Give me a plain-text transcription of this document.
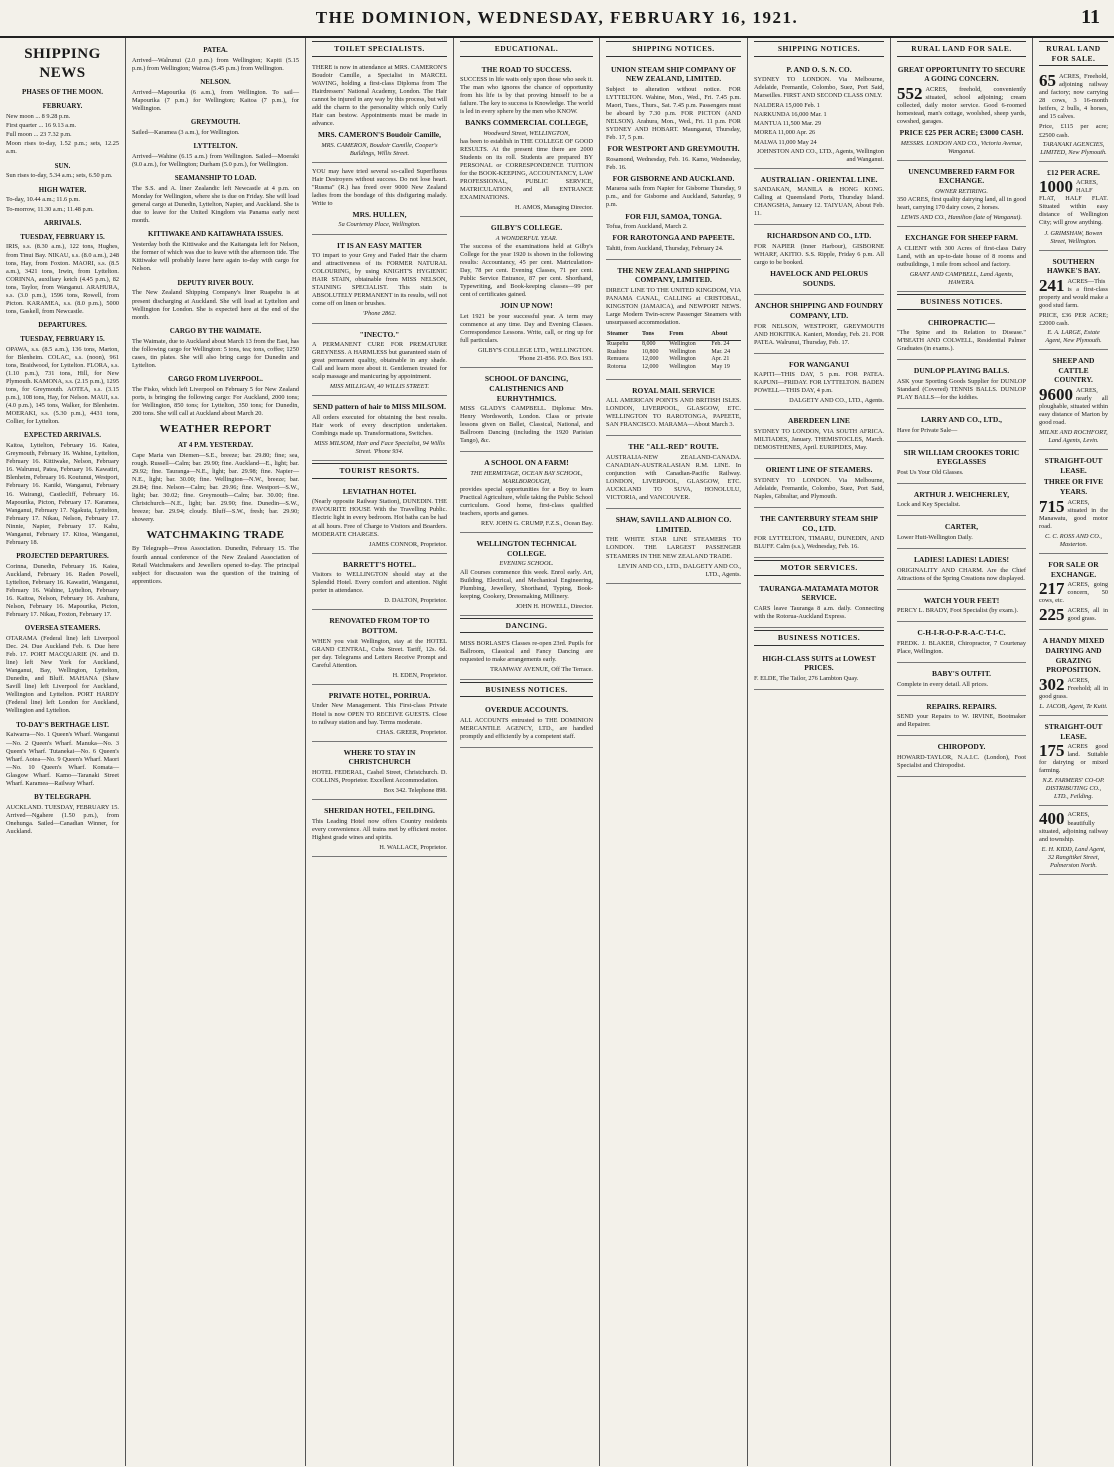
THE DOMINION, WEDNESDAY, FEBRUARY 16, 1921.	11
SHIPPING NEWS
PHASES OF THE MOON.
FEBRUARY.
New moon ... 8 9.28 p.m.
First quarter ... 16 9.13 a.m.
Full moon ... 23 7.32 p.m.
Moon rises to-day, 1.52 p.m.; sets, 12.25 a.m.
SUN.
Sun rises to-day, 5.34 a.m.; sets, 6.50 p.m.
HIGH WATER.
To-day, 10.44 a.m.; 11.6 p.m.
To-morrow, 11.30 a.m.; 11.48 p.m.
ARRIVALS.
TUESDAY, FEBRUARY 15.

IRIS, s.s. (8.30 a.m.), 122 tons, Hughes, from Tinui Bay. NIKAU, s.s. (8.0 a.m.), 248 tons, Hay, from Foxton. MAORI, s.s. (8.5 a.m.), 3421 tons, Irwin, from Lyttelton. CORINNA, auxiliary ketch (4.45 p.m.), 82 tons, Taylor, from Wanganui. ARAHURA, s.s. (3.0 p.m.), 1596 tons, Rowell, from Picton. KARAMEA, s.s. (8.0 p.m.), 5000 tons, Gaskell, from Newcastle.

DEPARTURES.
TUESDAY, FEBRUARY 15.

OPAWA, s.s. (8.5 a.m.), 136 tons, Marton, for Blenheim. COLAC, s.s. (noon), 961 tons, Braidwood, for Lyttelton. FLORA, s.s. (1.10 p.m.), 731 tons, Hill, for New Plymouth. KAMONA, s.s. (2.15 p.m.), 1295 tons, for Greymouth. AOTEA, s.s. (3.15 p.m.), 108 tons, Hay, for Nelson. MAUI, s.s. (4.0 p.m.), 145 tons, Walker, for Blenheim. MOERAKI, s.s. (5.30 p.m.), 4431 tons, Collier, for Lyttelton.

EXPECTED ARRIVALS.

Kaitoa, Lyttelton, February 16. Kaiea, Greymouth, February 16. Wahine, Lyttelton, February 16. Kittiwake, Nelson, February 16. Walrunui, Patea, February 16. Kawatiri, Blenheim, February 16. Koutunui, Westport, February 16. Kaniki, Wanganui, February 16. Wairangi, Castlecliff, February 16. Mapourika, Picton, February 17. Karamea, Wanganui, February 17. Ngakuta, Lyttelton, February 17. Nikau, Nelson, February 17. Ninnie, Napier, February 17. Kahu, Wanganui, February 17. Kitoa, Wanganui, February 18.

PROJECTED DEPARTURES.

Corinna, Dunedin, February 16. Kaiea, Auckland, February 16. Raden Powell, Lyttelton, February 16. Kawatiri, Wanganui, February 16. Wahine, Lyttelton, February 16. Kaitoa, Nelson, February 16. Arahura, Nelson, February 16. Mapourika, Picton, February 17. Nikau, Foxton, February 17.

OVERSEA STEAMERS.

OTARAMA (Federal line) left Liverpool Dec. 24. Due Auckland Feb. 6. Due here Feb. 17. PORT MACQUARIE (N. and D. line) left New York for Auckland, Wanganui, Bay, Wellington, Lyttelton, Dunedin, and Bluff. MAHANA (Shaw Savill line) left Liverpool for Auckland, Wellington and Lyttelton. PORT HARDY (Federal line) left London for Auckland, Wellington and Lyttelton.

TO-DAY'S BERTHAGE LIST.

Kaiwarra—No. 1 Queen's Wharf. Wanganui—No. 2 Queen's Wharf. Manuka—No. 3 Queen's Wharf. Tutanekai—No. 6 Queen's Wharf. Aotea—No. 9 Queen's Wharf. Maori—No. 10 Queen's Wharf. Komata—Glasgow Wharf. Kamo—Taranaki Street Wharf. Karamea—Railway Wharf.

BY TELEGRAPH.

AUCKLAND. TUESDAY, FEBRUARY 15. Arrived—Ngahere (1.50 p.m.), from Onehunga. Sailed—Canadian Winner, for Auckland.

PATEA.

Arrived—Walrunui (2.0 p.m.) from Wellington; Kapiti (5.15 p.m.) from Wellington; Wairoa (5.45 p.m.) from Wellington.

NELSON.

Arrived—Mapourika (6 a.m.), from Wellington. To sail—Mapourika (7 p.m.) for Wellington; Kaitoa (7 p.m.), for Wellington.

GREYMOUTH.

Sailed—Karamea (3 a.m.), for Wellington.

LYTTELTON.

Arrived—Wahine (6.15 a.m.) from Wellington. Sailed—Moeraki (9.0 a.m.), for Wellington; Durham (5.0 p.m.), for Wellington.

SEAMANSHIP TO LOAD.

The S.S. and A. liner Zealandic left Newcastle at 4 p.m. on Monday for Wellington, where she is due on Friday. She will load general cargo at Dunedin, Lyttelton, Napier, and Auckland. She is due to leave for the United Kingdom via Panama early next month.

KITTIWAKE AND KAITAWHATA ISSUES.

Yesterday both the Kittiwake and the Kaitangata left for Nelson, the former of which was due to leave with the afternoon tide. The Kittiwake will probably leave here again to-day with cargo for Nelson.

DEPUTY RIVER BOUY.

The New Zealand Shipping Company's liner Ruapehu is at present discharging at Auckland. She will load at Lyttelton and Wellington for London. She is expected here at the end of the month.

CARGO BY THE WAIMATE.

The Waimate, due to Auckland about March 13 from the East, has the following cargo for Wellington: 5 tons, tea; tons, coffee; 1250 cases, tin plates. She will also bring cargo for Dunedin and Lyttelton.

CARGO FROM LIVERPOOL.

The Fisko, which left Liverpool on February 5 for New Zealand ports, is bringing the following cargo: For Auckland, 2000 tons; for Wellington, 850 tons; for Lyttelton, 350 tons; for Dunedin, 200 tons. She will call at Auckland about March 20.

WEATHER REPORT
AT 4 P.M. YESTERDAY.

Cape Maria van Diemen—S.E., breeze; bar. 29.80; fine; sea, rough. Russell—Calm; bar. 29.90; fine. Auckland—E., light; bar. 29.92; fine. Tauranga—N.E., light; bar. 29.98; fine. Napier—N.E., light; bar. 30.00; fine. Wellington—N.W., breeze; bar. 29.84; fine. Nelson—Calm; bar. 29.96; fine. Westport—S.W., light; bar. 30.02; fine. Greymouth—Calm; bar. 30.00; fine. Christchurch—N.E., light; bar. 29.90; fine. Dunedin—S.W., breeze; bar. 29.94; cloudy. Bluff—S.W., fresh; bar. 29.90; showery.

WATCHMAKING TRADE

By Telegraph—Press Association. Dunedin, February 15. The fourth annual conference of the New Zealand Association of Retail Watchmakers and Jewellers opened to-day. The principal subject for discussion was the question of the training of apprentices.

TOILET SPECIALISTS.

THERE is now in attendance at MRS. CAMERON'S Boudoir Camille, a Specialist in MARCEL WAVING, holding a first-class Diploma from The Hairdressers' National Academy, London. The Hair cannot be injured in any way by this process, but will add the charm to the personality which only Curly Hair can bestow. Appointments must be made in advance.

MRS. CAMERON'S Boudoir Camille,
MRS. CAMERON, Boudoir Camille, Cooper's Buildings, Willis Street.

YOU may have tried several so-called Superfluous Hair Destroyers without success. Do not lose heart. "Rusma" (R.) has freed over 9000 New Zealand ladies from the bondage of this disfiguring malady. Write to

MRS. HULLEN,
5a Courtenay Place, Wellington.
IT IS AN EASY MATTER

TO impart to your Grey and Faded Hair the charm and attractiveness of its FORMER NATURAL COLOURING, by using KNIGHT'S HYGIENIC HAIR STAIN, obtainable from MISS NELSON, STAINING SPECIALIST. This stain is ABSOLUTELY PERMANENT in its results, will not come off on linen or brushes.

'Phone 2862.
"INECTO."

A PERMANENT CURE FOR PREMATURE GREYNESS. A HARMLESS but guaranteed stain of great permanent quality, obtainable in any shade. Call and learn more about it. Gentlemen treated for scalp massage and manicuring by appointment.

MISS MILLIGAN, 40 WILLIS STREET.
SEND pattern of hair to MISS MILSOM.

All orders executed for obtaining the best results. Hair work of every description undertaken. Combings made up. Transformations, Switches.

MISS MILSOM, Hair and Face Specialist, 94 Willis Street. 'Phone 934.
TOURIST RESORTS.
LEVIATHAN HOTEL

(Nearly opposite Railway Station), DUNEDIN. THE FAVOURITE HOUSE With the Travelling Public. Electric light in every bedroom. Hot baths can be had at all hours. Free of Charge to Visitors and Boarders. MODERATE CHARGES.

JAMES CONNOR, Proprietor.
BARRETT'S HOTEL.

Visitors to WELLINGTON should stay at the Splendid Hotel. Every comfort and attention. Night porter in attendance.

D. DALTON, Proprietor.
RENOVATED FROM TOP TO BOTTOM.

WHEN you visit Wellington, stay at the HOTEL GRAND CENTRAL, Cuba Street. Tariff, 12s. 6d. per day. Telegrams and Letters Receive Prompt and Careful Attention.

H. EDEN, Proprietor.
PRIVATE HOTEL, PORIRUA.

Under New Management. This First-class Private Hotel is now OPEN TO RECEIVE GUESTS. Close to railway station and bay. Terms moderate.

CHAS. GREER, Proprietor.
WHERE TO STAY IN CHRISTCHURCH

HOTEL FEDERAL, Cashel Street, Christchurch. D. COLLINS, Proprietor. Excellent Accommodation.

Box 342. Telephone 898.
SHERIDAN HOTEL, FEILDING.

This Leading Hotel now offers Country residents every convenience. All trains met by efficient motor. Highest grade wines and spirits.

H. WALLACE, Proprietor.
EDUCATIONAL.
THE ROAD TO SUCCESS.

SUCCESS in life waits only upon those who seek it. The man who ignores the chance of opportunity from his life is by that proving himself to be a failure. The key to success is Knowledge. The world is led in every sphere by the men who KNOW.

BANKS COMMERCIAL COLLEGE,
Woodward Street, WELLINGTON,

has been to establish in THE COLLEGE OF GOOD RESULTS. At the present time there are 2000 Students on its roll. Students are prepared BY PERSONAL or CORRESPONDENCE TUITION for the BOOK-KEEPING, ACCOUNTANCY, LAW PROFESSIONAL, PUBLIC SERVICE, MATRICULATION, and all ENTRANCE EXAMINATIONS.

H. AMOS, Managing Director.
GILBY'S COLLEGE.
A WONDERFUL YEAR.

The success of the examinations held at Gilby's College for the year 1920 is shown in the following results: Accountancy, 45 per cent. Matriculation-Day, 78 per cent. Evening Classes, 71 per cent. Public Service Entrance, 87 per cent. Shorthand, Typewriting, and Book-keeping classes—99 per cent of certificates gained.

JOIN UP NOW!

Let 1921 be your successful year. A term may commence at any time. Day and Evening Classes. Correspondence Lessons. Write, call, or ring up for full particulars.

GILBY'S COLLEGE LTD., WELLINGTON. 'Phone 21-856. P.O. Box 193.
SCHOOL OF DANCING, CALISTHENICS AND EURHYTHMICS.

MISS GLADYS CAMPBELL. Diploma: Mrs. Henry Wordsworth, London. Class or private lessons given on Ballet, Classical, National, and Ballroom Dancing (including the 1920 Parisian Tango), &c.

A SCHOOL ON A FARM!
THE HERMITAGE, OCEAN BAY SCHOOL, MARLBOROUGH,

provides special opportunities for a Boy to learn Practical Agriculture, while taking the Public School curriculum. Good home, first-class qualified teachers, sports and games.

REV. JOHN G. CRUMP, F.Z.S., Ocean Bay.
WELLINGTON TECHNICAL COLLEGE.
EVENING SCHOOL.

All Courses commence this week. Enrol early. Art, Building, Electrical, and Mechanical Engineering, Plumbing, Jewellery, Shorthand, Typing, Book-keeping, Cookery, Dressmaking, Millinery.

JOHN H. HOWELL, Director.
DANCING.

MISS BORLASE'S Classes re-open 23rd. Pupils for Ballroom, Classical and Fancy Dancing are requested to make arrangements early.

TRAMWAY AVENUE, Off The Terrace.
BUSINESS NOTICES.
OVERDUE ACCOUNTS.

ALL ACCOUNTS entrusted to THE DOMINION MERCANTILE AGENCY, LTD., are handled promptly and efficiently by a competent staff.

SHIPPING NOTICES.
UNION STEAM SHIP COMPANY OF NEW ZEALAND, LIMITED.

Subject to alteration without notice. FOR LYTTELTON. Wahine, Mon., Wed., Fri. 7.45 p.m. Maori, Tues., Thurs., Sat. 7.45 p.m. Passengers must be aboard by 7.30 p.m. FOR PICTON (AND NELSON). Arahura, Mon., Wed., Fri. 11 p.m. FOR SYDNEY AND HOBART. Maunganui, Thursday, Feb. 17, 5 p.m.

FOR WESTPORT AND GREYMOUTH.

Rosamond, Wednesday, Feb. 16. Kamo, Wednesday, Feb. 16.

FOR GISBORNE AND AUCKLAND.

Mararoa sails from Napier for Gisborne Thursday, 9 p.m., and for Gisborne and Auckland, Saturday, 9 p.m.

FOR FIJI, SAMOA, TONGA.

Tofua, from Auckland, March 2.

FOR RAROTONGA AND PAPEETE.

Tahiti, from Auckland, Thursday, February 24.

THE NEW ZEALAND SHIPPING COMPANY, LIMITED.

DIRECT LINE TO THE UNITED KINGDOM, VIA PANAMA CANAL, CALLING at CRISTOBAL, KINGSTON (JAMAICA), and NEWPORT NEWS. Large Modern Twin-screw Passenger Steamers with unsurpassed accommodation.

Steamer	Tons	From	About
Ruapehu	8,000	Wellington	Feb. 24
Ruahine	10,800	Wellington	Mar. 24
Remuera	12,000	Wellington	Apr. 21
Rotorua	12,000	Wellington	May 19
ROYAL MAIL SERVICE

ALL AMERICAN POINTS AND BRITISH ISLES. LONDON, LIVERPOOL, GLASGOW, ETC. WELLINGTON TO RAROTONGA, PAPEETE, SAN FRANCISCO. MARAMA—About March 3.

THE "ALL-RED" ROUTE.

AUSTRALIA-NEW ZEALAND-CANADA. CANADIAN-AUSTRALASIAN R.M. LINE. In conjunction with Canadian-Pacific Railway. LONDON, LIVERPOOL, GLASGOW, ETC. AUCKLAND TO SUVA, HONOLULU, VICTORIA, and VANCOUVER.

SHAW, SAVILL AND ALBION CO. LIMITED.

THE WHITE STAR LINE STEAMERS TO LONDON. THE LARGEST PASSENGER STEAMERS IN THE NEW ZEALAND TRADE.

LEVIN AND CO., LTD., DALGETY AND CO., LTD., Agents.
SHIPPING NOTICES.
P. AND O. S. N. CO.

SYDNEY TO LONDON. Via Melbourne, Adelaide, Fremantle, Colombo, Suez, Port Said, Marseilles. FIRST AND SECOND CLASS ONLY.

NALDERA 15,000 Feb. 1
NARKUNDA 16,000 Mar. 1
MANTUA 11,500 Mar. 29
MOREA 11,000 Apr. 26
MALWA 11,000 May 24
JOHNSTON AND CO., LTD., Agents, Wellington and Wanganui.
AUSTRALIAN - ORIENTAL LINE.

SANDAKAN, MANILA & HONG KONG. Calling at Queensland Ports, Thursday Island. CHANGSHA, January 12. TAIYUAN, About Feb. 11.

RICHARDSON AND CO., LTD.

FOR NAPIER (Inner Harbour), GISBORNE WHARF, AKITIO. S.S. Ripple, Friday 6 p.m. All cargo to be booked.

HAVELOCK AND PELORUS SOUNDS.
ANCHOR SHIPPING AND FOUNDRY COMPANY, LTD.

FOR NELSON, WESTPORT, GREYMOUTH AND HOKITIKA. Kanieri, Monday, Feb. 21. FOR PATEA. Walrunui, Thursday, Feb. 17.

FOR WANGANUI

KAPITI—THIS DAY, 5 p.m. FOR PATEA. KAPUNI—FRIDAY. FOR LYTTELTON. BADEN POWELL—THIS DAY, 4 p.m.

DALGETY AND CO., LTD., Agents.
ABERDEEN LINE

SYDNEY TO LONDON, VIA SOUTH AFRICA. MILTIADES, January. THEMISTOCLES, March. DEMOSTHENES, April. EURIPIDES, May.

ORIENT LINE OF STEAMERS.

SYDNEY TO LONDON. Via Melbourne, Adelaide, Fremantle, Colombo, Suez, Port Said, Naples, Gibraltar, and Plymouth.

THE CANTERBURY STEAM SHIP CO., LTD.

FOR LYTTELTON, TIMARU, DUNEDIN, AND BLUFF. Calm (s.s.), Wednesday, Feb. 16.

MOTOR SERVICES.
TAURANGA-MATAMATA MOTOR SERVICE.

CARS leave Tauranga 8 a.m. daily. Connecting with the Rotorua-Auckland Express.

BUSINESS NOTICES.
HIGH-CLASS SUITS at LOWEST PRICES.

F. ELDE, The Tailor, 276 Lambton Quay.

RURAL LAND FOR SALE.
GREAT OPPORTUNITY TO SECURE A GOING CONCERN.

552 ACRES, freehold, conveniently situated, school adjoining; cream collected, daily motor service. Good 6-roomed homestead, man's cottage, woolshed, sheep yards, cowshed, garages.

PRICE £25 PER ACRE; £3000 CASH.
MESSRS. LONDON AND CO., Victoria Avenue, Wanganui.
UNENCUMBERED FARM FOR EXCHANGE.
OWNER RETIRING.

350 ACRES, first quality dairying land, all in good heart, carrying 170 dairy cows, 2 horses.

LEWIS AND CO., Hamilton (late of Wanganui).
EXCHANGE FOR SHEEP FARM.

A CLIENT with 300 Acres of first-class Dairy Land, with an up-to-date house of 8 rooms and outbuildings, 1 mile from school and factory.

GRANT AND CAMPBELL, Land Agents, HAWERA.
BUSINESS NOTICES.
CHIROPRACTIC—

"The Spine and its Relation to Disease." M'BEATH AND COLWELL, Residential Palmer Graduates (in exams.).

DUNLOP PLAYING BALLS.

ASK your Sporting Goods Supplier for DUNLOP Standard (Covered) TENNIS BALLS. DUNLOP PLAY BALLS—for the kiddies.

LARRY AND CO., LTD.,

Have for Private Sale—

SIR WILLIAM CROOKES TORIC EYEGLASSES

Post Us Your Old Glasses.

ARTHUR J. WEICHERLEY,

Lock and Key Specialist.

CARTER,

Lower Hutt-Wellington Daily.

LADIES! LADIES! LADIES!

ORIGINALITY AND CHARM. Are the Chief Attractions of the Spring Creations now displayed.

WATCH YOUR FEET!

PERCY L. BRADY, Foot Specialist (by exam.).

C-H-I-R-O-P-R-A-C-T-I-C.

FREDK. J. BLAKER, Chiropractor, 7 Courtenay Place, Wellington.

BABY'S OUTFIT.

Complete in every detail. All prices.

REPAIRS. REPAIRS.

SEND your Repairs to W. IRVINE, Bootmaker and Repairer.

CHIROPODY.

HOWARD-TAYLOR, N.A.I.C. (London), Foot Specialist and Chiropodist.

RURAL LAND FOR SALE.

65 ACRES, Freehold, adjoining railway and factory; now carrying 28 cows, 3 16-month heifers, 2 bulls, 4 horses, and 15 calves.

Price, £115 per acre; £2500 cash.
TARANAKI AGENCIES, LIMITED, New Plymouth.
£12 PER ACRE.

1000 ACRES, HALF FLAT, HALF FLAT. Situated within easy distance of Wellington City; will grow anything.

J. GRIMSHAW, Bowen Street, Wellington.
SOUTHERN HAWKE'S BAY.

241 ACRES—This is a first-class property and would make a good stud farm.

PRICE, £36 PER ACRE; £2000 cash.
E. A. LARGE, Estate Agent, New Plymouth.
SHEEP AND CATTLE COUNTRY.

9600 ACRES, nearly all ploughable, situated within easy distance of Marton by good road.

MILNE AND ROCHFORT, Land Agents, Levin.
STRAIGHT-OUT LEASE.
THREE OR FIVE YEARS.

715 ACRES, situated in the Manawatu, good motor road.

C. C. ROSS AND CO., Masterton.
FOR SALE OR EXCHANGE.

217 ACRES, going concern, 50 cows, etc.

225 ACRES, all in good grass.

A HANDY MIXED DAIRYING AND GRAZING PROPOSITION.

302 ACRES, Freehold; all in good grass.

L. JACOB, Agent, Te Kuiti.
STRAIGHT-OUT LEASE.

175 ACRES good land. Suitable for dairying or mixed farming.

N.Z. FARMERS' CO-OP. DISTRIBUTING CO., LTD., Feilding.

400 ACRES, beautifully situated, adjoining railway and township.

E. H. KIDD, Land Agent, 32 Rangitikei Street, Palmerston North.
